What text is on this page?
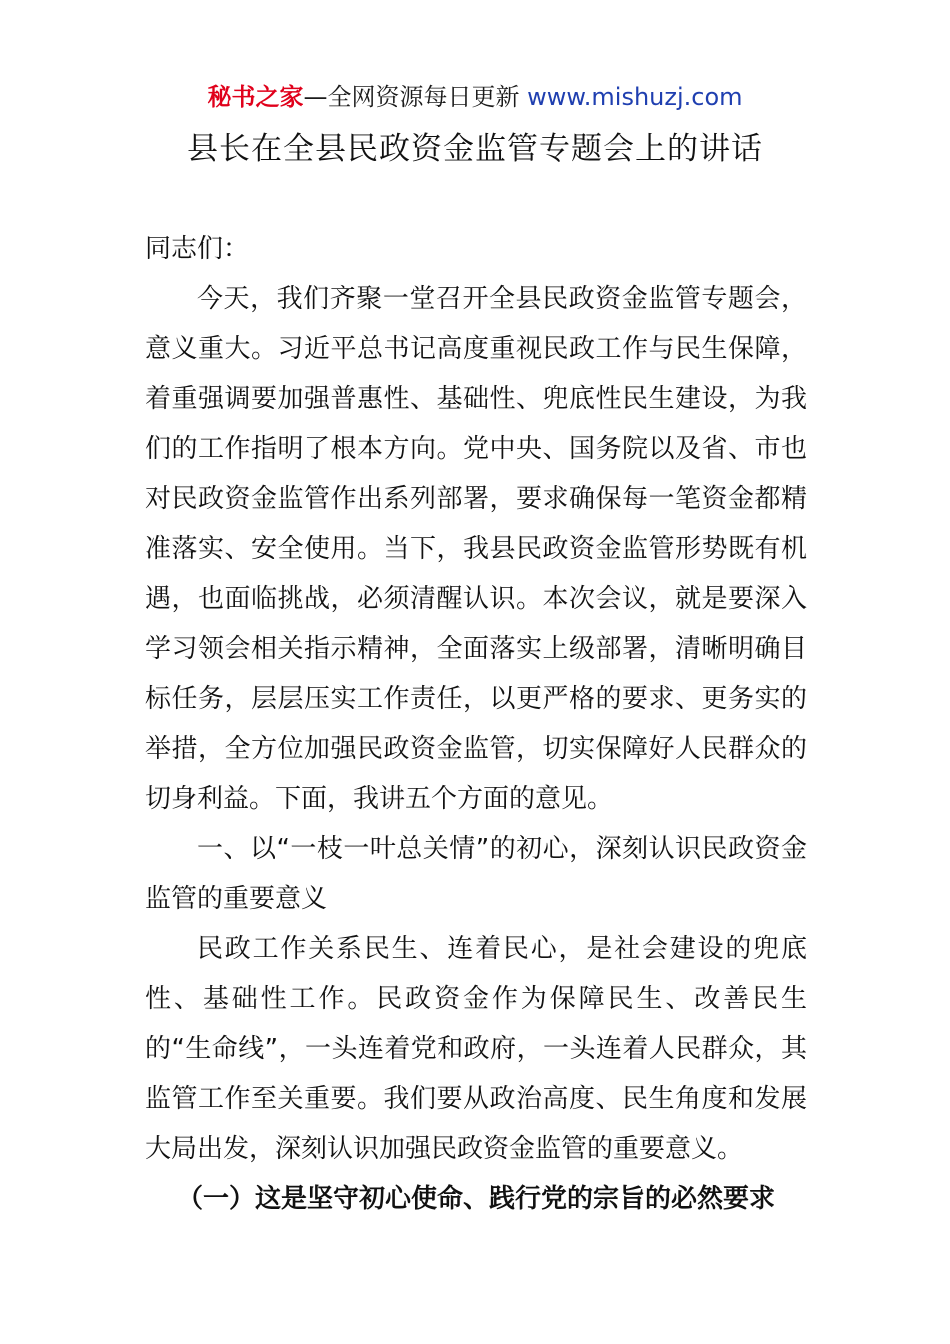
秘书之家—全网资源每日更新 www.mishuzj.com
县长在全县民政资金监管专题会上的讲话

同志们：

今天，我们齐聚一堂召开全县民政资金监管专题会，意义重大。习近平总书记高度重视民政工作与民生保障，着重强调要加强普惠性、基础性、兜底性民生建设，为我们的工作指明了根本方向。党中央、国务院以及省、市也对民政资金监管作出系列部署，要求确保每一笔资金都精准落实、安全使用。当下，我县民政资金监管形势既有机遇，也面临挑战，必须清醒认识。本次会议，就是要深入学习领会相关指示精神，全面落实上级部署，清晰明确目标任务，层层压实工作责任，以更严格的要求、更务实的举措，全方位加强民政资金监管，切实保障好人民群众的切身利益。下面，我讲五个方面的意见。

一、以“一枝一叶总关情”的初心，深刻认识民政资金监管的重要意义

民政工作关系民生、连着民心，是社会建设的兜底性、基础性工作。民政资金作为保障民生、改善民生的“生命线”，一头连着党和政府，一头连着人民群众，其监管工作至关重要。我们要从政治高度、民生角度和发展大局出发，深刻认识加强民政资金监管的重要意义。

（一）这是坚守初心使命、践行党的宗旨的必然要求
